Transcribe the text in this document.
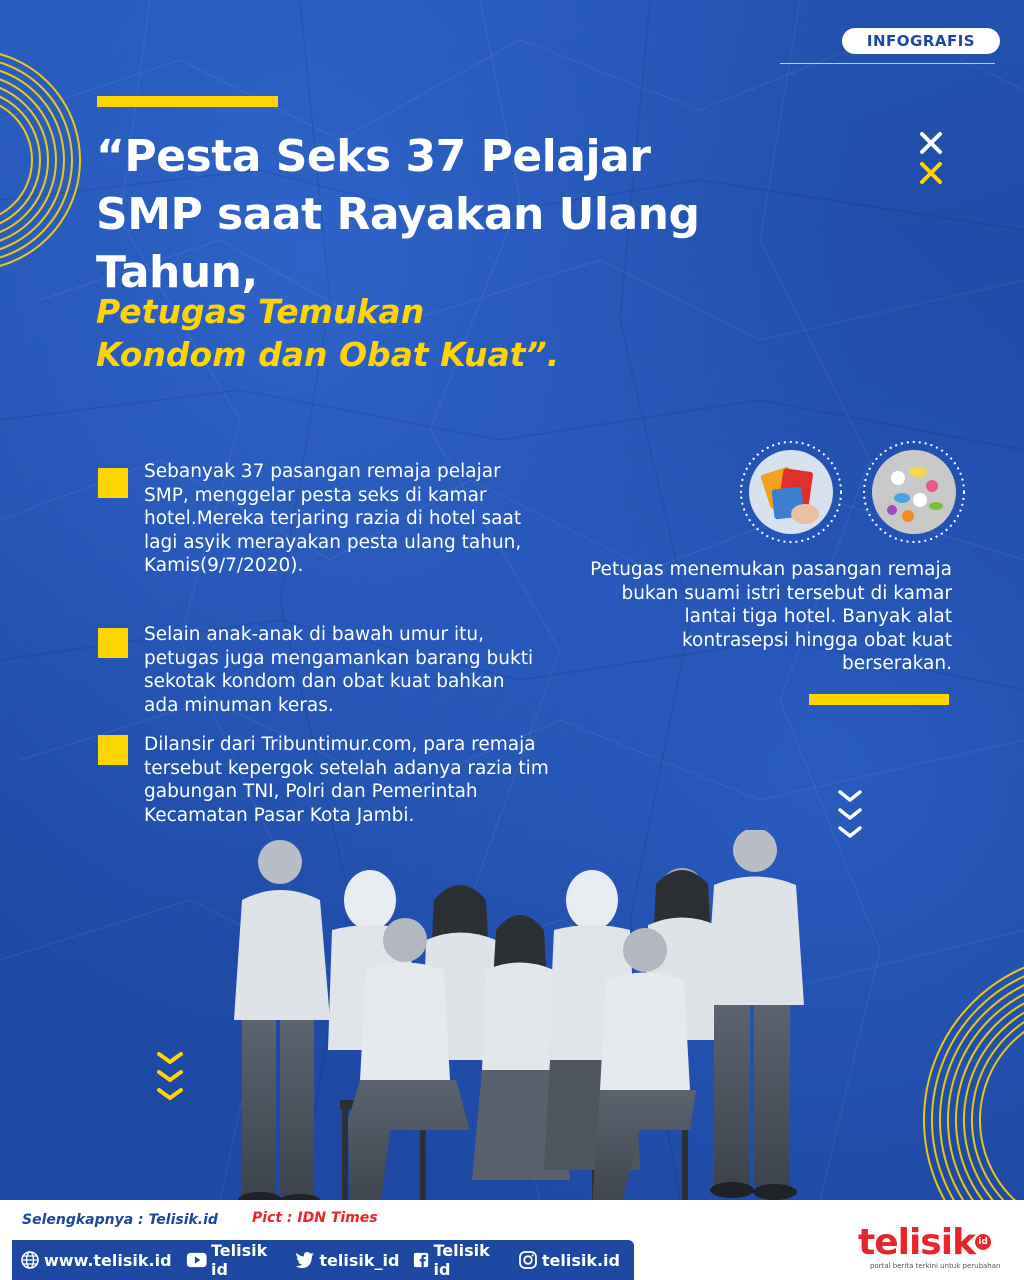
INFOGRAFIS
“Pesta Seks 37 Pelajar SMP saat Rayakan Ulang Tahun,
Petugas Temukan Kondom dan Obat Kuat”.

Sebanyak 37 pasangan remaja pelajar SMP, menggelar pesta seks di kamar hotel.Mereka terjaring razia di hotel saat lagi asyik merayakan pesta ulang tahun, Kamis(9/7/2020).

Selain anak-anak di bawah umur itu, petugas juga mengamankan barang bukti sekotak kondom dan obat kuat bahkan ada minuman keras.

Dilansir dari Tribuntimur.com, para remaja tersebut kepergok setelah adanya razia tim gabungan TNI, Polri dan Pemerintah Kecamatan Pasar Kota Jambi.

Petugas menemukan pasangan remaja bukan suami istri tersebut di kamar lantai tiga hotel. Banyak alat kontrasepsi hingga obat kuat berserakan.

Selengkapnya : Telisik.id Pict : IDN Times
www.telisik.id Telisik id	telisik_id Telisik id	telisik.id	telisik id
portal berita terkini untuk perubahan
